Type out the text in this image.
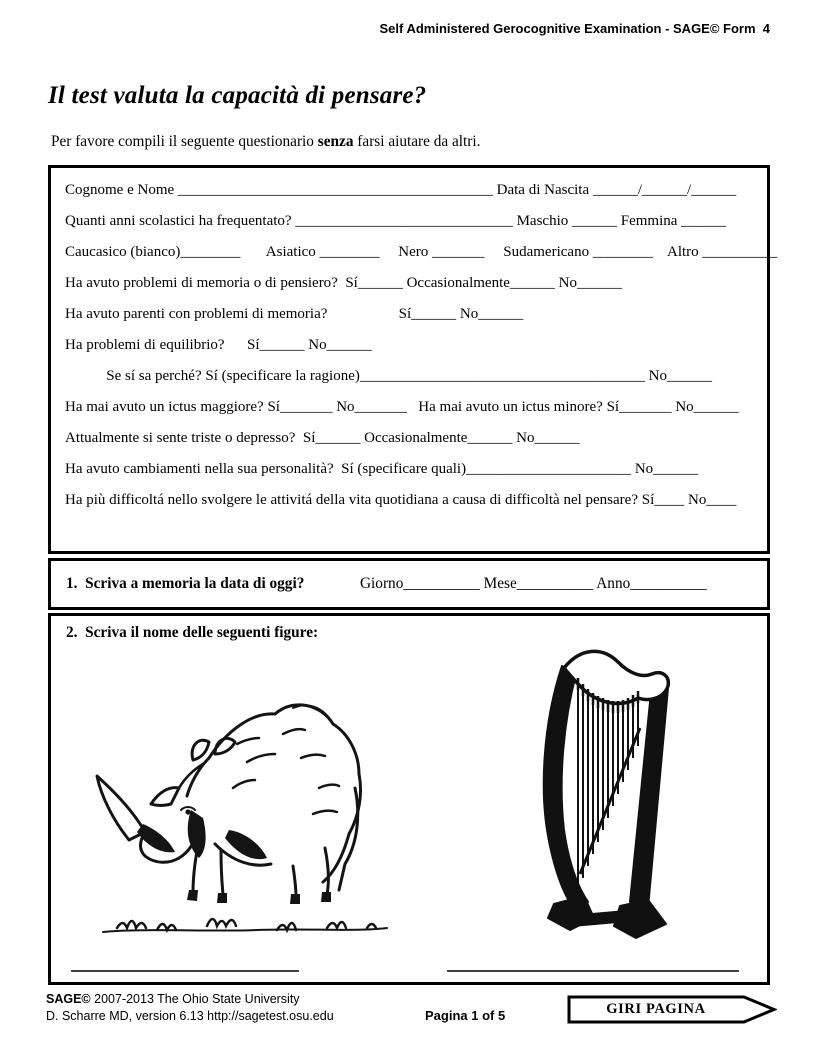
Self Administered Gerocognitive Examination - SAGE© Form  4
Il test valuta la capacità di pensare?
Per favore compili il seguente questionario senza farsi aiutare da altri.
Cognome e Nome __________________________________________ Data di Nascita ______/______/______
Quanti anni scolastici ha frequentato? _____________________________ Maschio ______ Femmina ______
Caucasico (bianco)________       Asiatico ________     Nero _______     Sudamericano ________    Altro __________
Ha avuto problemi di memoria o di pensiero?  Sí______ Occasionalmente______ No______
Ha avuto parenti con problemi di memoria?                   Sí______ No______
Ha problemi di equilibrio?      Sí______ No______
Se sí sa perché? Sí (specificare la ragione)______________________________________ No______
Ha mai avuto un ictus maggiore? Sí_______ No_______   Ha mai avuto un ictus minore? Sí_______ No______
Attualmente si sente triste o depresso?  Sí______ Occasionalmente______ No______
Ha avuto cambiamenti nella sua personalità?  Sí (specificare quali)______________________ No______
Ha più difficoltá nello svolgere le attivitá della vita quotidiana a causa di difficoltà nel pensare? Sí____ No____
1.  Scriva a memoria la data di oggi?	Giorno__________ Mese__________ Anno__________
2.  Scriva il nome delle seguenti figure:
SAGE© 2007-2013 The Ohio State University
D. Scharre MD, version 6.13 http://sagetest.osu.edu	Pagina 1 of 5	GIRI PAGINA
